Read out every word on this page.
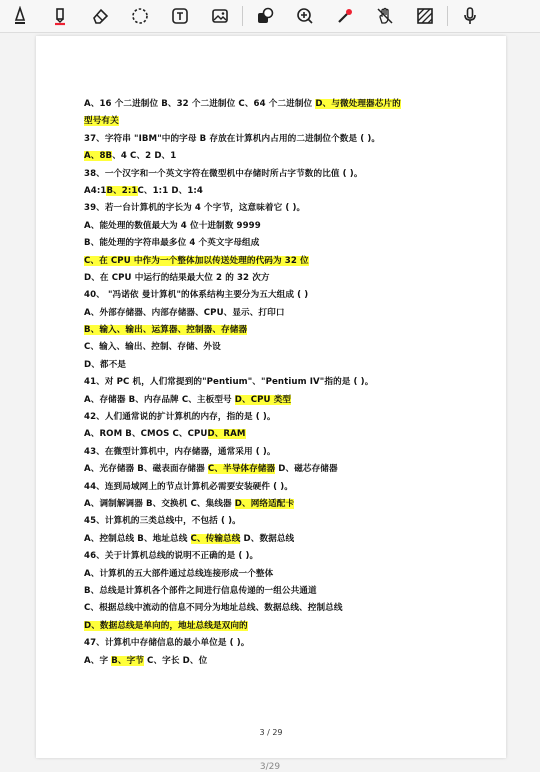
A、16 个二进制位 B、32 个二进制位 C、64 个二进制位 D、与微处理器芯片的
型号有关
37、字符串 "IBM"中的字母 B 存放在计算机内占用的二进制位个数是 ( )。
A、8B、4 C、2 D、1
38、一个汉字和一个英文字符在微型机中存储时所占字节数的比值 ( )。
A4:1B、2:1C、1:1 D、1:4
39、若一台计算机的字长为 4 个字节，这意味着它 ( )。
A、能处理的数值最大为 4 位十进制数 9999
B、能处理的字符串最多位 4 个英文字母组成
C、在 CPU 中作为一个整体加以传送处理的代码为 32 位
D、在 CPU 中运行的结果最大位 2 的 32 次方
40、 "冯诺依 曼计算机"的体系结构主要分为五大组成 ( )
A、外部存储器、内部存储器、CPU、显示、打印口
B、输入、输出、运算器、控制器、存储器
C、输入、输出、控制、存储、外设
D、都不是
41、对 PC 机，人们常提到的"Pentium"、"Pentium IV"指的是 ( )。
A、存储器 B、内存品牌 C、主板型号 D、CPU 类型
42、人们通常说的扩计算机的内存，指的是 ( )。
A、ROM B、CMOS C、CPUD、RAM
43、在微型计算机中，内存储器，通常采用 ( )。
A、光存储器 B、磁表面存储器 C、半导体存储器 D、磁芯存储器
44、连到局域网上的节点计算机必需要安装硬件 ( )。
A、调制解调器 B、交换机 C、集线器 D、网络适配卡
45、计算机的三类总线中，不包括 ( )。
A、控制总线 B、地址总线 C、传输总线 D、数据总线
46、关于计算机总线的说明不正确的是 ( )。
A、计算机的五大部件通过总线连接形成一个整体
B、总线是计算机各个部件之间进行信息传递的一组公共通道
C、根据总线中流动的信息不同分为地址总线、数据总线、控制总线
D、数据总线是单向的，地址总线是双向的
47、计算机中存储信息的最小单位是 ( )。
A、字 B、字节 C、字长 D、位
3 / 29
3/29
